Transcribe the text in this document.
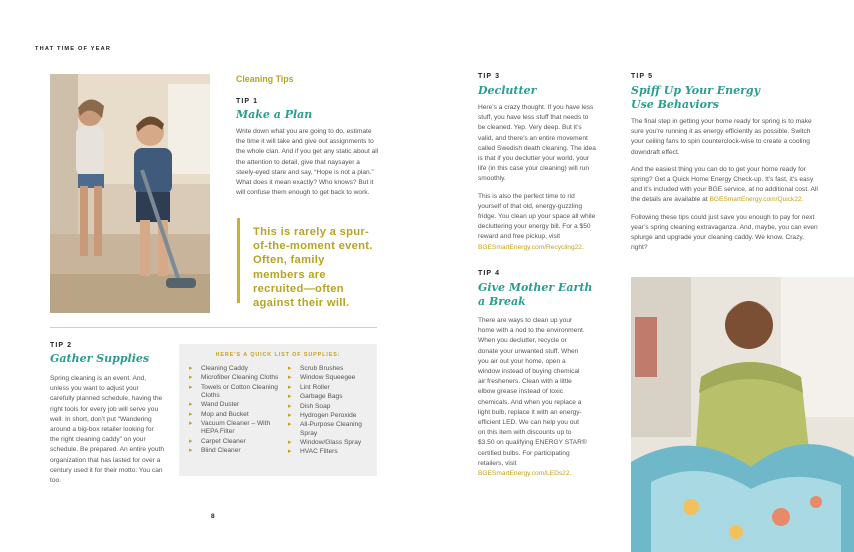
THAT TIME OF YEAR
Cleaning Tips
TIP 1
Make a Plan
Write down what you are going to do, estimate the time it will take and give out assignments to the whole clan. And if you get any static about all the attention to detail, give that naysayer a steely-eyed stare and say, “Hope is not a plan.” What does it mean exactly? Who knows? But it will confuse them enough to get back to work.
This is rarely a spur-of-the-moment event. Often, family members are recruited—often against their will.
TIP 2
Gather Supplies
Spring cleaning is an event. And, unless you want to adjust your carefully planned schedule, having the right tools for every job will serve you well. In short, don’t put “Wandering around a big-box retailer looking for the right cleaning caddy” on your schedule. Be prepared. An entire youth organization that has lasted for over a century used it for their motto: You can too.
HERE’S A QUICK LIST OF SUPPLIES:
▸ Cleaning Caddy
▸ Microfiber Cleaning Cloths
▸ Towels or Cotton Cleaning Cloths
▸ Wand Duster
▸ Mop and Bucket
▸ Vacuum Cleaner – With HEPA Filter
▸ Carpet Cleaner
▸ Blind Cleaner
▸ Scrub Brushes
▸ Window Squeegee
▸ Lint Roller
▸ Garbage Bags
▸ Dish Soap
▸ Hydrogen Peroxide
▸ All-Purpose Cleaning Spray
▸ Window/Glass Spray
▸ HVAC Filters
8
TIP 3
Declutter

Here’s a crazy thought. If you have less stuff, you have less stuff that needs to be cleaned. Yep. Very deep. But it’s valid, and there’s an entire movement called Swedish death cleaning. The idea is that if you declutter your world, your life (in this case your cleaning) will run smoothly.

This is also the perfect time to rid yourself of that old, energy-guzzling fridge. You clean up your space all while decluttering your energy bill. For a $50 reward and free pickup, visit BGESmartEnergy.com/Recycling22.

TIP 4
Give Mother Earth a Break

There are ways to clean up your home with a nod to the environment. When you declutter, recycle or donate your unwanted stuff. When you air out your home, open a window instead of buying chemical air fresheners. Clean with a little elbow grease instead of toxic chemicals. And when you replace a light bulb, replace it with an energy-efficient LED. We can help you out on this item with discounts up to $3.50 on qualifying ENERGY STAR® certified bulbs. For participating retailers, visit BGESmartEnergy.com/LEDs22.

TIP 5
Spiff Up Your Energy Use Behaviors

The final step in getting your home ready for spring is to make sure you’re running it as energy efficiently as possible. Switch your ceiling fans to spin counterclock-wise to create a cooling downdraft effect.

And the easiest thing you can do to get your home ready for spring? Get a Quick Home Energy Check-up. It’s fast, it’s easy and it’s included with your BGE service, at no additional cost. All the details are available at BGESmartEnergy.com/Quick22.

Following these tips could just save you enough to pay for next year’s spring cleaning extravaganza. And, maybe, you can even splurge and upgrade your cleaning caddy. We know. Crazy, right?
